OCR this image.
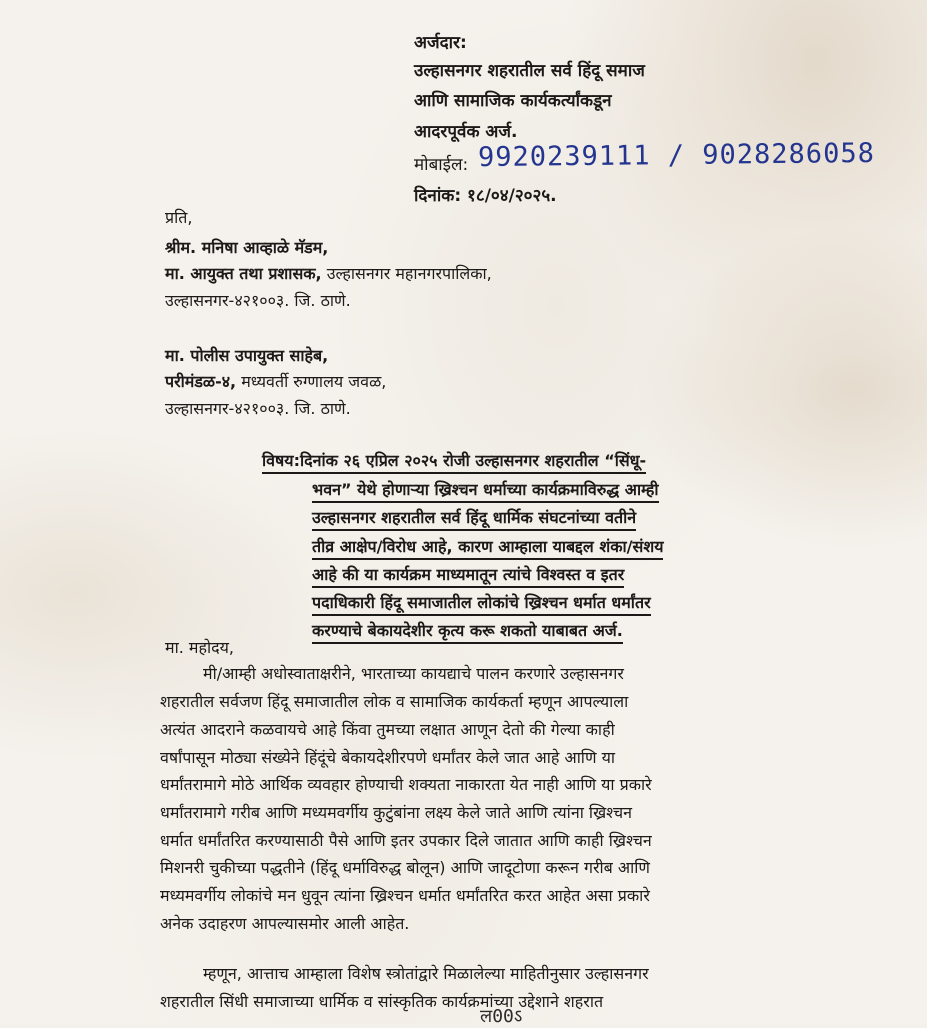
अर्जदार:
उल्हासनगर शहरातील सर्व हिंदू समाज
आणि सामाजिक कार्यकर्त्यांकडून
आदरपूर्वक अर्ज.
मोबाईल: 9920239111 / 9028286058
दिनांक: १८/०४/२०२५.
प्रति,
श्रीम. मनिषा आव्हाळे मॅडम,
मा. आयुक्त तथा प्रशासक, उल्हासनगर महानगरपालिका,
उल्हासनगर-४२१००३. जि. ठाणे.
मा. पोलीस उपायुक्त साहेब,
परीमंडळ-४, मध्यवर्ती रुग्णालय जवळ,
उल्हासनगर-४२१००३. जि. ठाणे.
विषय:दिनांक २६ एप्रिल २०२५ रोजी उल्हासनगर शहरातील “सिंधू-
भवन” येथे होणाऱ्या ख्रिश्चन धर्माच्या कार्यक्रमाविरुद्ध आम्ही
उल्हासनगर शहरातील सर्व हिंदू धार्मिक संघटनांच्या वतीने
तीव्र आक्षेप/विरोध आहे, कारण आम्हाला याबद्दल शंका/संशय
आहे की या कार्यक्रम माध्यमातून त्यांचे विश्वस्त व इतर
पदाधिकारी हिंदू समाजातील लोकांचे ख्रिश्चन धर्मात धर्मांतर
करण्याचे बेकायदेशीर कृत्य करू शकतो याबाबत अर्ज.
मा. महोदय,
मी/आम्ही अधोस्वाताक्षरीने, भारताच्या कायद्याचे पालन करणारे उल्हासनगर
शहरातील सर्वजण हिंदू समाजातील लोक व सामाजिक कार्यकर्ता म्हणून आपल्याला
अत्यंत आदराने कळवायचे आहे किंवा तुमच्या लक्षात आणून देतो की गेल्या काही
वर्षांपासून मोठ्या संख्येने हिंदूंचे बेकायदेशीरपणे धर्मांतर केले जात आहे आणि या
धर्मांतरामागे मोठे आर्थिक व्यवहार होण्याची शक्यता नाकारता येत नाही आणि या प्रकारे
धर्मांतरामागे गरीब आणि मध्यमवर्गीय कुटुंबांना लक्ष्य केले जाते आणि त्यांना ख्रिश्चन
धर्मात धर्मांतरित करण्यासाठी पैसे आणि इतर उपकार दिले जातात आणि काही ख्रिश्चन
मिशनरी चुकीच्या पद्धतीने (हिंदू धर्माविरुद्ध बोलून) आणि जादूटोणा करून गरीब आणि
मध्यमवर्गीय लोकांचे मन धुवून त्यांना ख्रिश्चन धर्मात धर्मांतरित करत आहेत असा प्रकारे
अनेक उदाहरण आपल्यासमोर आली आहेत.
म्हणून, आत्ताच आम्हाला विशेष स्त्रोतांद्वारे मिळालेल्या माहितीनुसार उल्हासनगर
शहरातील सिंधी समाजाच्या धार्मिक व सांस्कृतिक कार्यक्रमांच्या उद्देशाने शहरात
ल00ऽ
